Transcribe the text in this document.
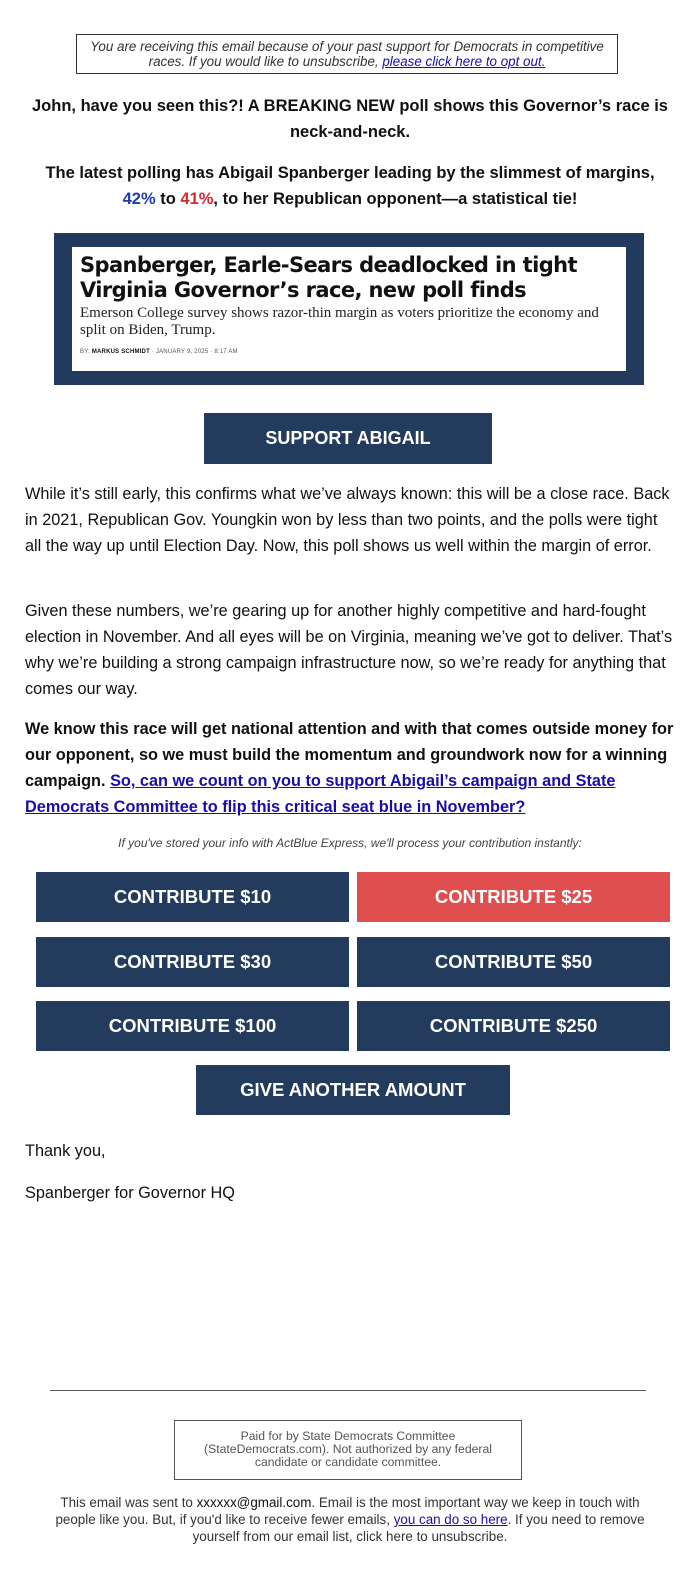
You are receiving this email because of your past support for Democrats in competitive races. If you would like to unsubscribe, please click here to opt out.
John, have you seen this?! A BREAKING NEW poll shows this Governor’s race is neck-and-neck.
The latest polling has Abigail Spanberger leading by the slimmest of margins,
42% to 41%, to her Republican opponent—a statistical tie!
Spanberger, Earle-Sears deadlocked in tight Virginia Governor’s race, new poll finds
Emerson College survey shows razor-thin margin as voters prioritize the economy and split on Biden, Trump.
BY: MARKUS SCHMIDT · JANUARY 9, 2025 · 8:17 AM
SUPPORT ABIGAIL
While it’s still early, this confirms what we’ve always known: this will be a close race. Back in 2021, Republican Gov. Youngkin won by less than two points, and the polls were tight all the way up until Election Day. Now, this poll shows us well within the margin of error.
Given these numbers, we’re gearing up for another highly competitive and hard-fought election in November. And all eyes will be on Virginia, meaning we’ve got to deliver. That’s why we’re building a strong campaign infrastructure now, so we’re ready for anything that comes our way.
We know this race will get national attention and with that comes outside money for our opponent, so we must build the momentum and groundwork now for a winning campaign. So, can we count on you to support Abigail’s campaign and State Democrats Committee to flip this critical seat blue in November?
If you've stored your info with ActBlue Express, we'll process your contribution instantly:
CONTRIBUTE $10	CONTRIBUTE $25
CONTRIBUTE $30	CONTRIBUTE $50
CONTRIBUTE $100	CONTRIBUTE $250
GIVE ANOTHER AMOUNT
Thank you,
Spanberger for Governor HQ
Paid for by State Democrats Committee (StateDemocrats.com). Not authorized by any federal candidate or candidate committee.
This email was sent to xxxxxx@gmail.com. Email is the most important way we keep in touch with people like you. But, if you'd like to receive fewer emails, you can do so here. If you need to remove yourself from our email list, click here to unsubscribe.
